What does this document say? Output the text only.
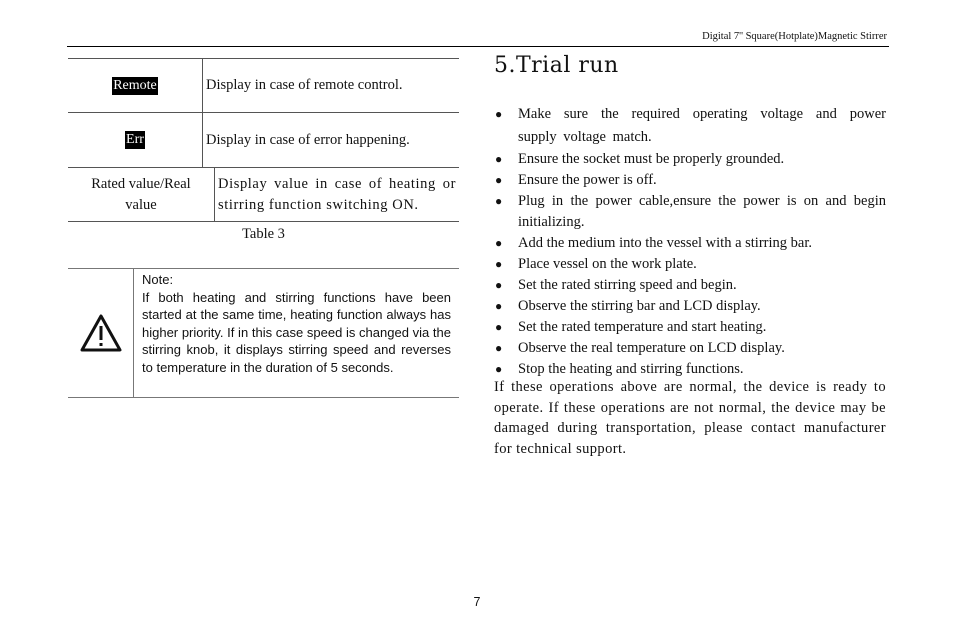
Digital 7'' Square(Hotplate)Magnetic Stirrer
Remote	Display in case of remote control.
Err	Display in case of error happening.
Rated value/Real value
Display value in case of heating or stirring function switching ON.
Table 3
Note:

If both heating and stirring functions have been started at the same time, heating function always has higher priority. If in this case speed is changed via the stirring knob, it displays stirring speed and reverses to temperature in the duration of 5 seconds.

5.Trial run
● Make sure the required operating voltage and power supply voltage match.
● Ensure the socket must be properly grounded.
● Ensure the power is off.
● Plug in the power cable,ensure the power is on and begin initializing.
● Add the medium into the vessel with a stirring bar.
● Place vessel on the work plate.
● Set the rated stirring speed and begin.
● Observe the stirring bar and LCD display.
● Set the rated temperature and start heating.
● Observe the real temperature on LCD display.
● Stop the heating and stirring functions.

If these operations above are normal, the device is ready to operate. If these operations are not normal, the device may be damaged during transportation, please contact manufacturer for technical support.

7
